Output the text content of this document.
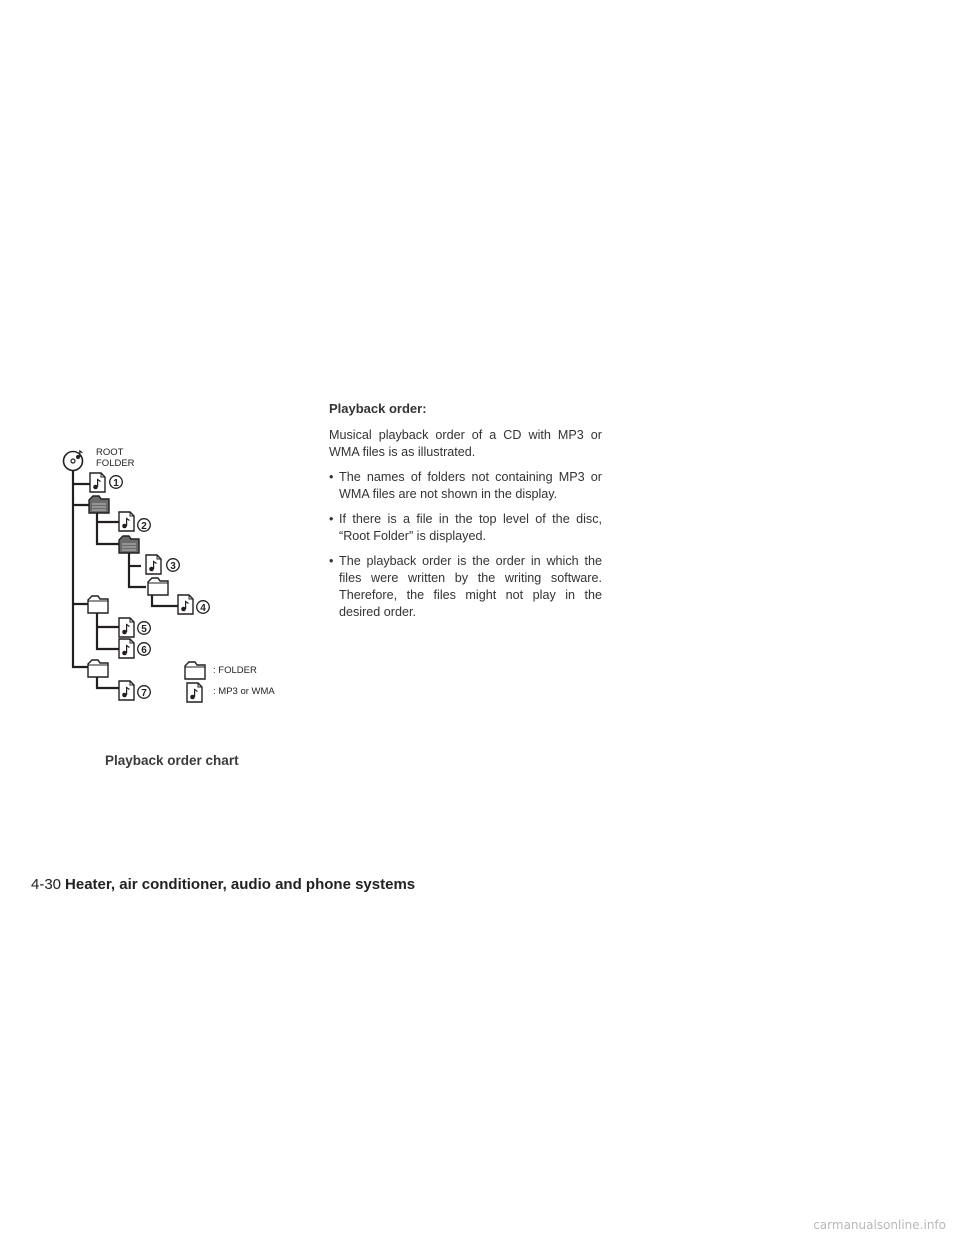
ROOT
FOLDER
1
2
3
4
5
6
7
: FOLDER
: MP3 or WMA
Playback order chart

Playback order:

Musical playback order of a CD with MP3 or WMA files is as illustrated.

• The names of folders not containing MP3 or WMA files are not shown in the display.
• If there is a file in the top level of the disc, “Root Folder” is displayed.
• The playback order is the order in which the files were written by the writing software. Therefore, the files might not play in the desired order.
4-30 Heater, air conditioner, audio and phone systems
carmanualsonline.info
